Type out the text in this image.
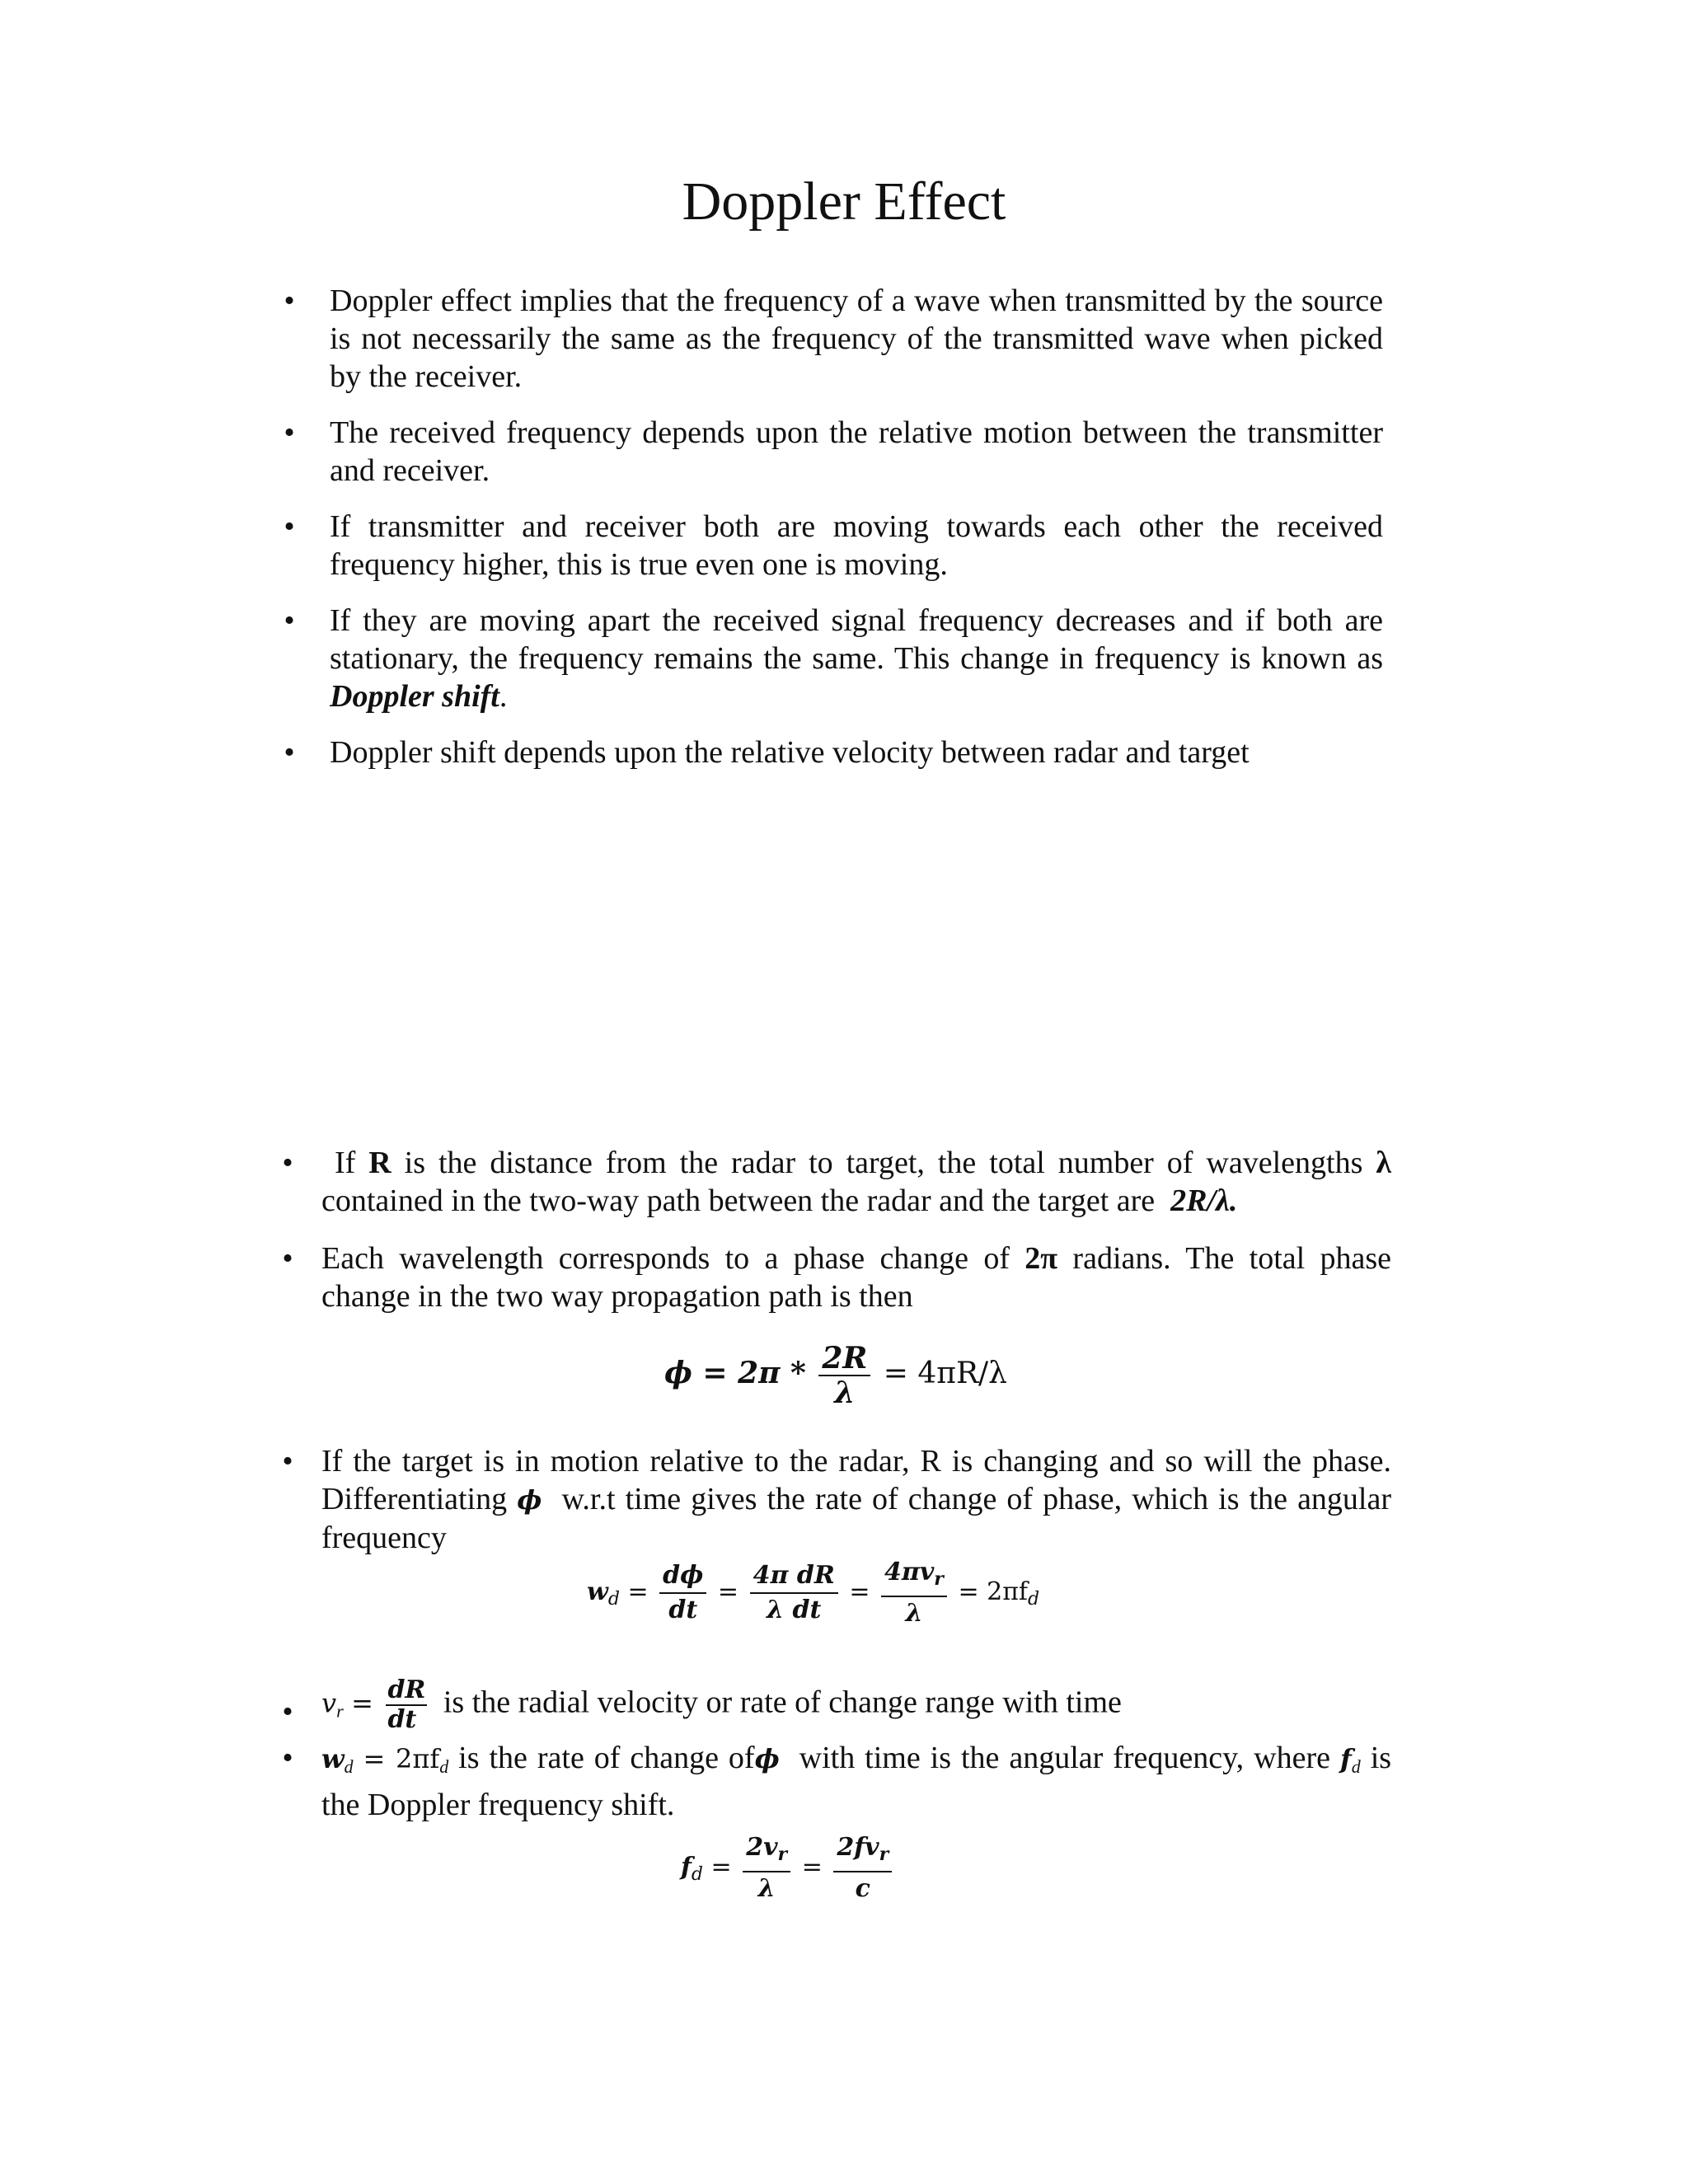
Doppler Effect
• Doppler effect implies that the frequency of a wave when transmitted by the source is not necessarily the same as the frequency of the transmitted wave when picked by the receiver.
• The received frequency depends upon the relative motion between the transmitter and receiver.
• If transmitter and receiver both are moving towards each other the received frequency higher, this is true even one is moving.
• If they are moving apart the received signal frequency decreases and if both are stationary, the frequency remains the same. This change in frequency is known as Doppler shift.
• Doppler shift depends upon the relative velocity between radar and target
•	If R is the distance from the radar to target, the total number of wavelengths λ contained in the two-way path between the radar and the target are 2R/λ.
• Each wavelength corresponds to a phase change of 2π radians. The total phase change in the two way propagation path is then
$\phi = 2\pi * \frac{2R}{\lambda} = 4\pi R/\lambda$
• If the target is in motion relative to the radar, R is changing and so will the phase. Differentiating ϕ w.r.t time gives the rate of change of phase, which is the angular frequency
$w_d = \frac{d\phi}{dt} = \frac{\text{4π dR}}{\text{λ dt}} = \frac{4\pi v_r}{\lambda} = 2\pi f_d$
• $v_r = \frac{dR}{dt}$ is the radial velocity or rate of change range with time
• $w_d = 2\pi f_d$ is the rate of change ofϕ with time is the angular frequency, where $f_d$ is the Doppler frequency shift.
$f_d = \frac{2v_r}{\lambda} = \frac{2fv_r}{c}$
